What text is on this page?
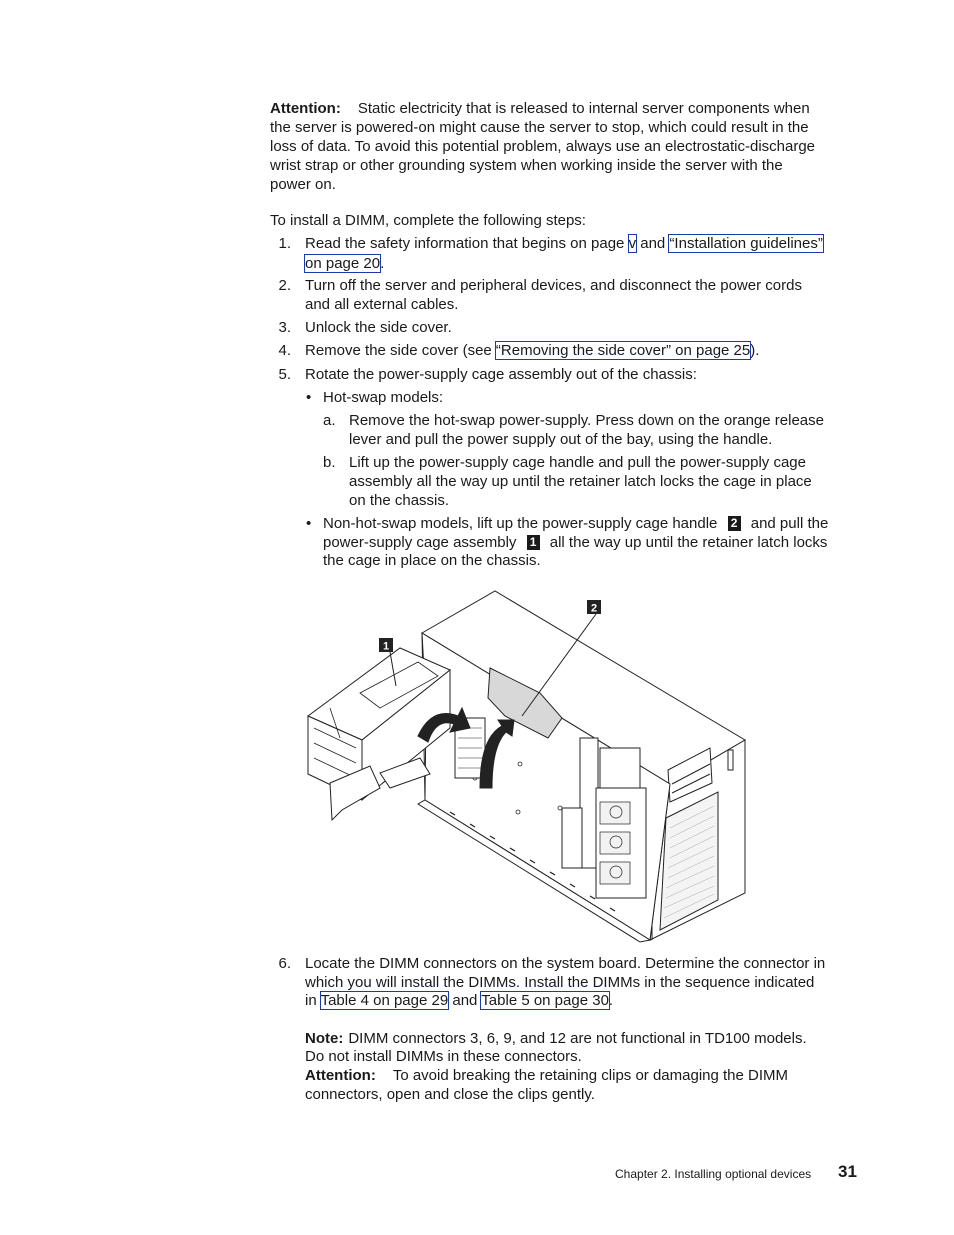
Attention: Static electricity that is released to internal server components when

the server is powered-on might cause the server to stop, which could result in the

loss of data. To avoid this potential problem, always use an electrostatic-discharge

wrist strap or other grounding system when working inside the server with the

power on.

To install a DIMM, complete the following steps:

1. Read the safety information that begins on page v and “Installation guidelines”

on page 20.

2. Turn off the server and peripheral devices, and disconnect the power cords

and all external cables.

3. Unlock the side cover.

4. Remove the side cover (see “Removing the side cover” on page 25).

5. Rotate the power-supply cage assembly out of the chassis:

• Hot-swap models:

a. Remove the hot-swap power-supply. Press down on the orange release

lever and pull the power supply out of the bay, using the handle.

b. Lift up the power-supply cage handle and pull the power-supply cage

assembly all the way up until the retainer latch locks the cage in place

on the chassis.

• Non-hot-swap models, lift up the power-supply cage handle 2 and pull the

power-supply cage assembly 1 all the way up until the retainer latch locks

the cage in place on the chassis.

1
2
6. Locate the DIMM connectors on the system board. Determine the connector in

which you will install the DIMMs. Install the DIMMs in the sequence indicated

in Table 4 on page 29 and Table 5 on page 30.

Note: DIMM connectors 3, 6, 9, and 12 are not functional in TD100 models.

Do not install DIMMs in these connectors.

Attention: To avoid breaking the retaining clips or damaging the DIMM

connectors, open and close the clips gently.

Chapter 2. Installing optional devices 31
